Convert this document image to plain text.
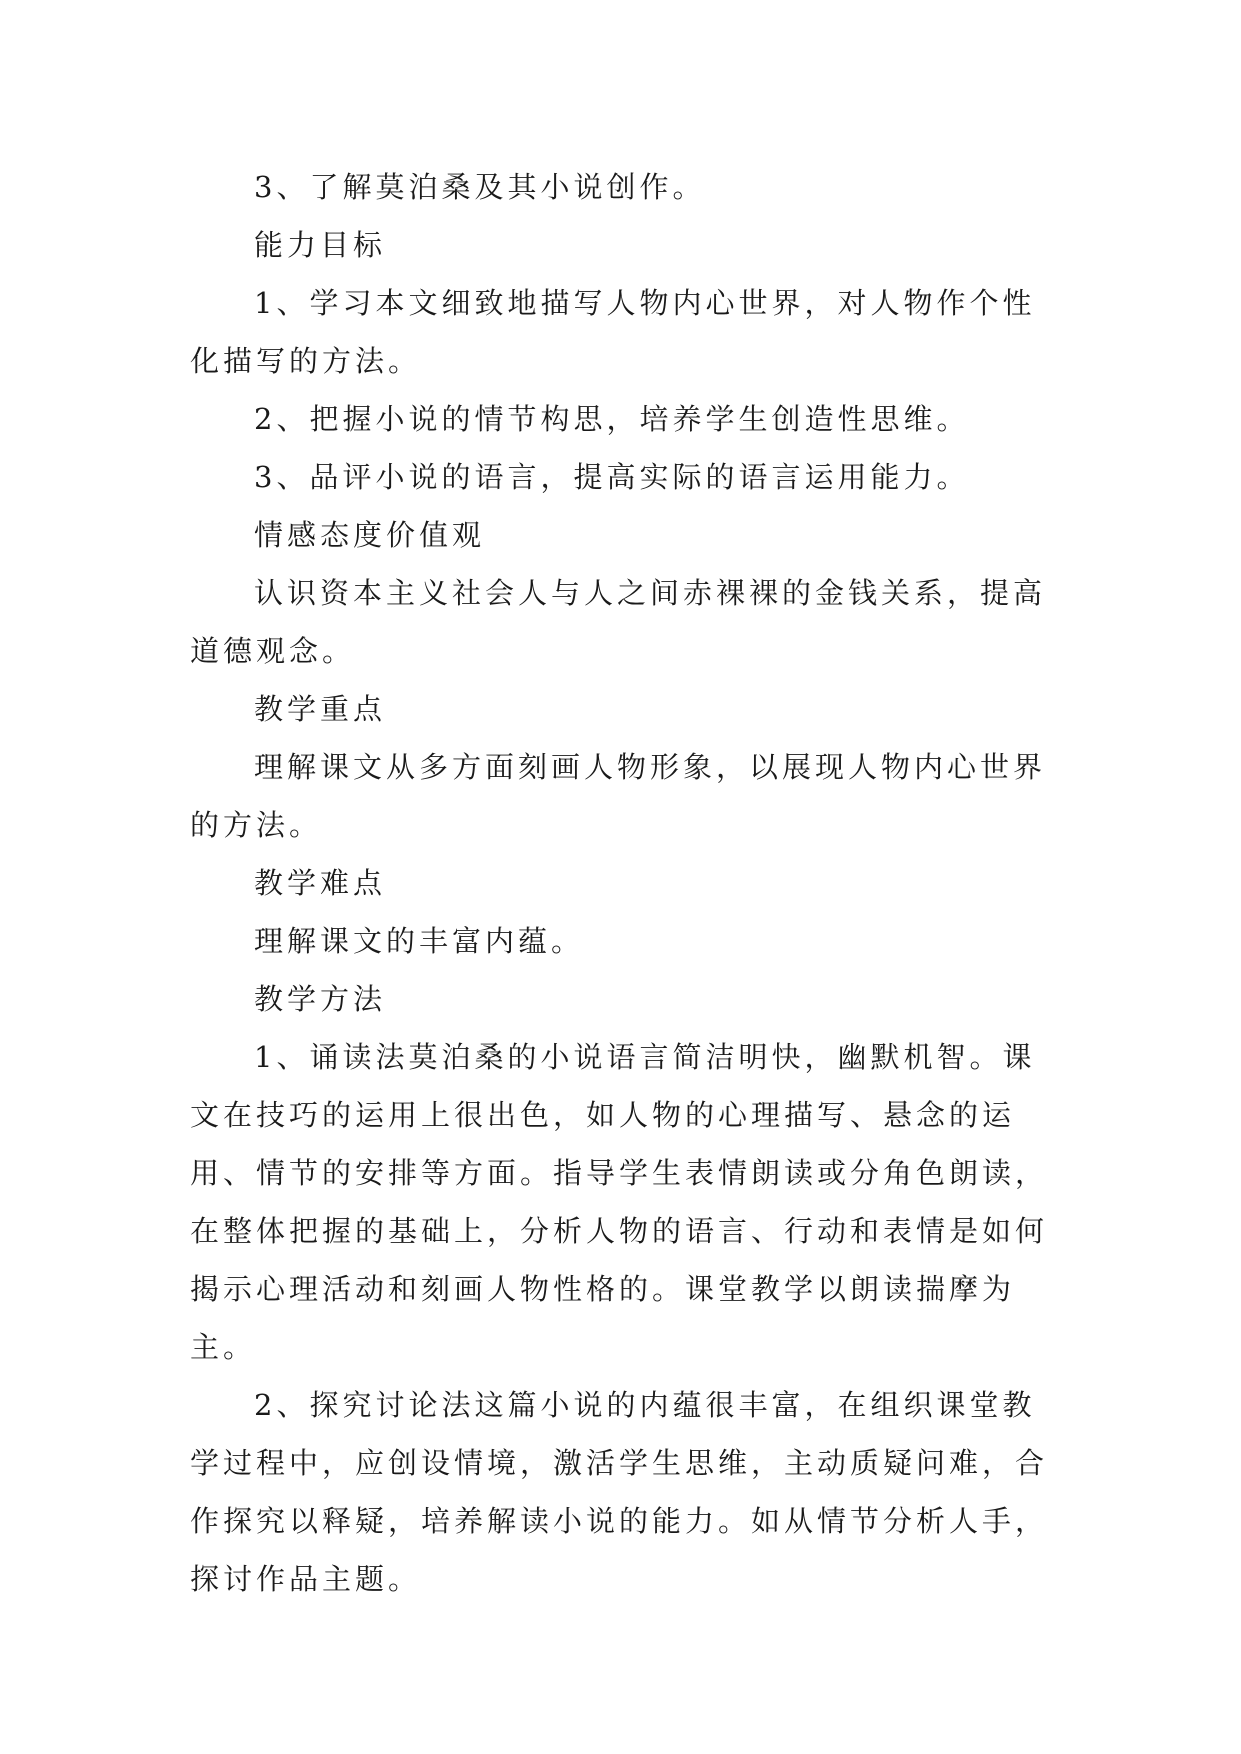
3、了解莫泊桑及其小说创作。

能力目标

1、学习本文细致地描写人物内心世界，对人物作个性化描写的方法。

2、把握小说的情节构思，培养学生创造性思维。

3、品评小说的语言，提高实际的语言运用能力。

情感态度价值观

认识资本主义社会人与人之间赤裸裸的金钱关系，提高道德观念。

教学重点

理解课文从多方面刻画人物形象，以展现人物内心世界的方法。

教学难点

理解课文的丰富内蕴。

教学方法

1、诵读法莫泊桑的小说语言简洁明快，幽默机智。课文在技巧的运用上很出色，如人物的心理描写、悬念的运用、情节的安排等方面。指导学生表情朗读或分角色朗读，在整体把握的基础上，分析人物的语言、行动和表情是如何揭示心理活动和刻画人物性格的。课堂教学以朗读揣摩为主。

2、探究讨论法这篇小说的内蕴很丰富，在组织课堂教学过程中，应创设情境，激活学生思维，主动质疑问难，合作探究以释疑，培养解读小说的能力。如从情节分析人手，探讨作品主题。
